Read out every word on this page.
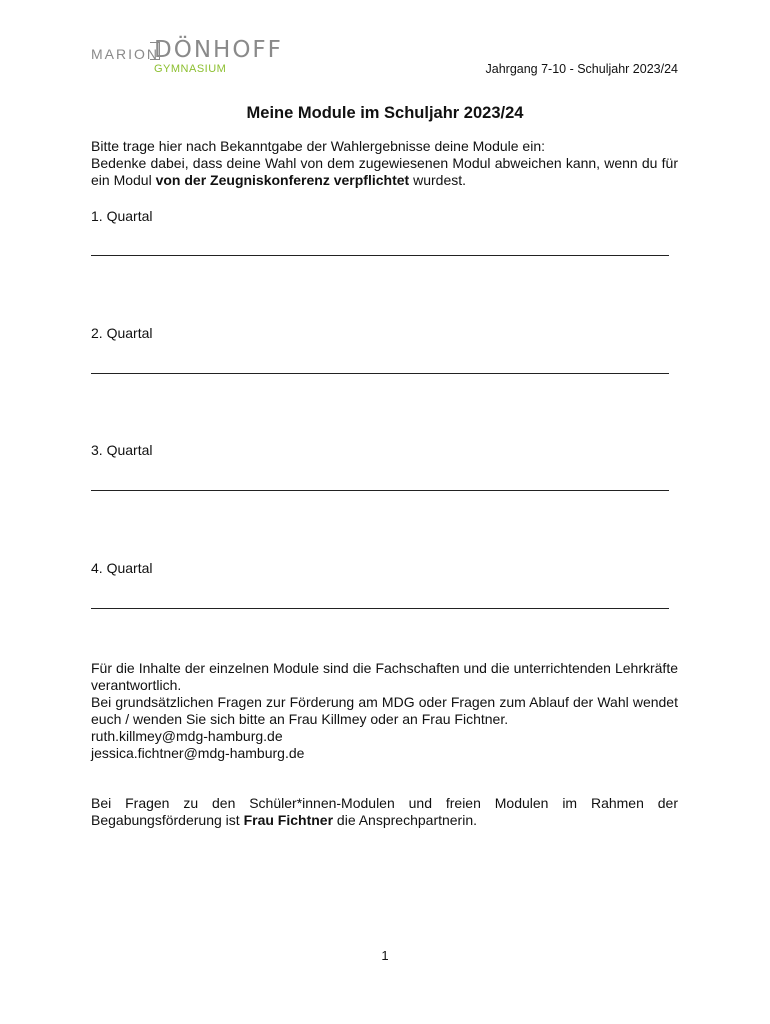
MARION
DÖNHOFF
GYMNASIUM	Jahrgang 7-10 - Schuljahr 2023/24
Meine Module im Schuljahr 2023/24

Bitte trage hier nach Bekanntgabe der Wahlergebnisse deine Module ein:

Bedenke dabei, dass deine Wahl von dem zugewiesenen Modul abweichen kann, wenn du für ein Modul von der Zeugniskonferenz verpflichtet wurdest.

1. Quartal
2. Quartal
3. Quartal
4. Quartal

Für die Inhalte der einzelnen Module sind die Fachschaften und die unterrichtenden Lehrkräfte verantwortlich.

Bei grundsätzlichen Fragen zur Förderung am MDG oder Fragen zum Ablauf der Wahl wendet euch / wenden Sie sich bitte an Frau Killmey oder an Frau Fichtner.

ruth.killmey@mdg-hamburg.de

jessica.fichtner@mdg-hamburg.de

Bei Fragen zu den Schüler*innen-Modulen und freien Modulen im Rahmen der Begabungsförderung ist Frau Fichtner die Ansprechpartnerin.

1
